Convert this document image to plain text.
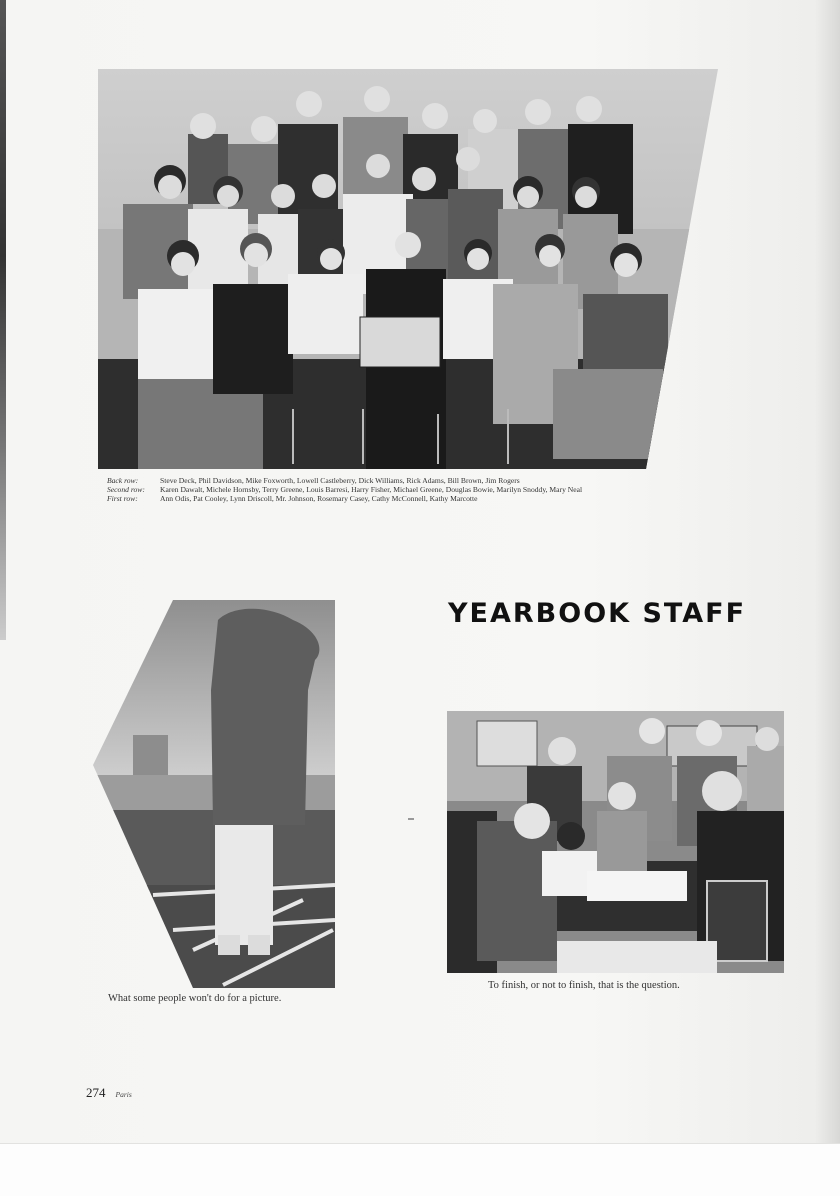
Back row:	Steve Deck, Phil Davidson, Mike Foxworth, Lowell Castleberry, Dick Williams, Rick Adams, Bill Brown, Jim Rogers
Second row:	Karen Dawalt, Michele Hornsby, Terry Greene, Louis Barresi, Harry Fisher, Michael Greene, Douglas Bowie, Marilyn Snoddy, Mary Neal
First row:	Ann Odis, Pat Cooley, Lynn Driscoll, Mr. Johnson, Rosemary Casey, Cathy McConnell, Kathy Marcotte
YEARBOOK STAFF
What some people won't do for a picture.
To finish, or not to finish, that is the question.
274 Paris
